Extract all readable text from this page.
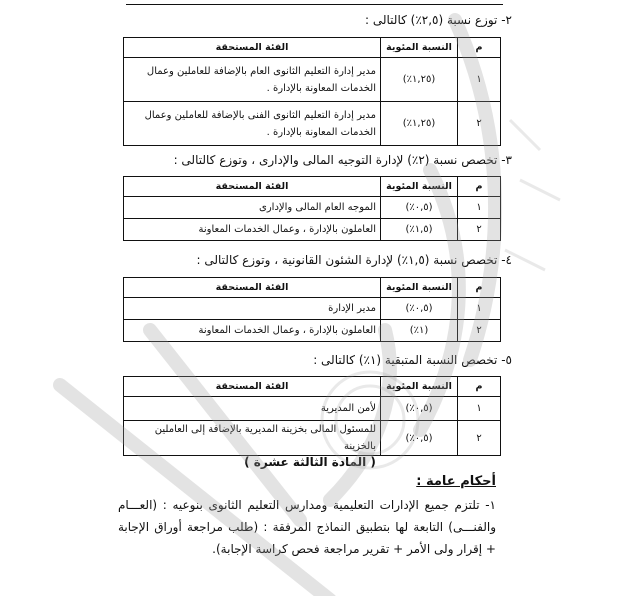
٢- توزع نسبة (٢,٥٪) كالتالى :
م	النسبة المئوية	الفئة المستحقة
١	(١,٢٥٪)	مدير إدارة التعليم الثانوى العام بالإضافة للعاملين وعمال الخدمات المعاونة بالإدارة .
٢	(١,٢٥٪)	مدير إدارة التعليم الثانوى الفنى بالإضافة للعاملين وعمال الخدمات المعاونة بالإدارة .
٣- تخصص نسبة (٢٪) لإدارة التوجيه المالى والإدارى ، وتوزع كالتالى :
م	النسبة المئوية	الفئة المستحقة
١	(٠,٥٪)	الموجه العام المالى والإدارى
٢	(١,٥٪)	العاملون بالإدارة ، وعمال الخدمات المعاونة
٤- تخصص نسبة (١,٥٪) لإدارة الشئون القانونية ، وتوزع كالتالى :
م	النسبة المئوية	الفئة المستحقة
١	(٠,٥٪)	مدير الإدارة
٢	(١٪)	العاملون بالإدارة ، وعمال الخدمات المعاونة
٥- تخصص النسبة المتبقية (١٪) كالتالى :
م	النسبة المئوية	الفئة المستحقة
١	(٠,٥٪)	لأمن المديرية
٢	(٠,٥٪)	للمسئول المالى بخزينة المديرية بالإضافة إلى العاملين بالخزينة
( المادة الثالثة عشرة )
أحكام عامة :
١- تلتزم جميع الإدارات التعليمية ومدارس التعليم الثانوى بنوعيه : (العـــام والفنـــى) التابعة لها بتطبيق النماذج المرفقة : (طلب مراجعة أوراق الإجابة + إقرار ولى الأمر + تقرير مراجعة فحص كراسة الإجابة).
